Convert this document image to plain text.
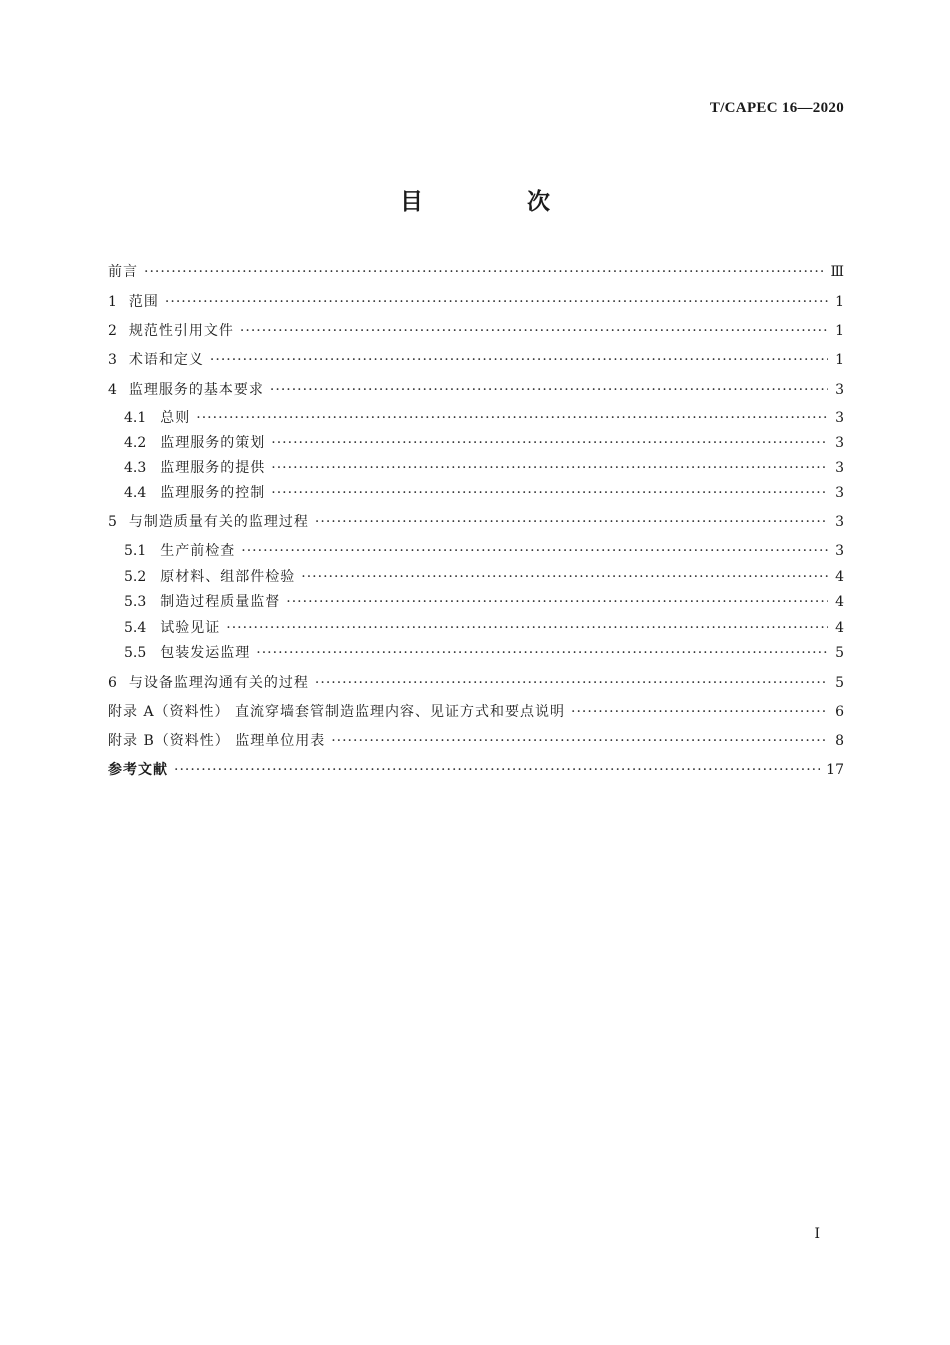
T/CAPEC 16—2020
目 次
前言 ·····	Ⅲ
1 范围 ·····	1
2 规范性引用文件 ·····	1
3 术语和定义 ·····	1
4 监理服务的基本要求 ·····	3
4.1 总则 ·····	3
4.2 监理服务的策划 ·····	3
4.3 监理服务的提供 ·····	3
4.4 监理服务的控制 ·····	3
5 与制造质量有关的监理过程 ·····	3
5.1 生产前检查 ·····	3
5.2 原材料、组部件检验 ·····	4
5.3 制造过程质量监督 ·····	4
5.4 试验见证 ·····	4
5.5 包装发运监理 ·····	5
6 与设备监理沟通有关的过程 ·····	5
附录 A（资料性） 直流穿墙套管制造监理内容、见证方式和要点说明 ·····	6
附录 B（资料性） 监理单位用表 ·····	8
参考文献 ·····	17
I
